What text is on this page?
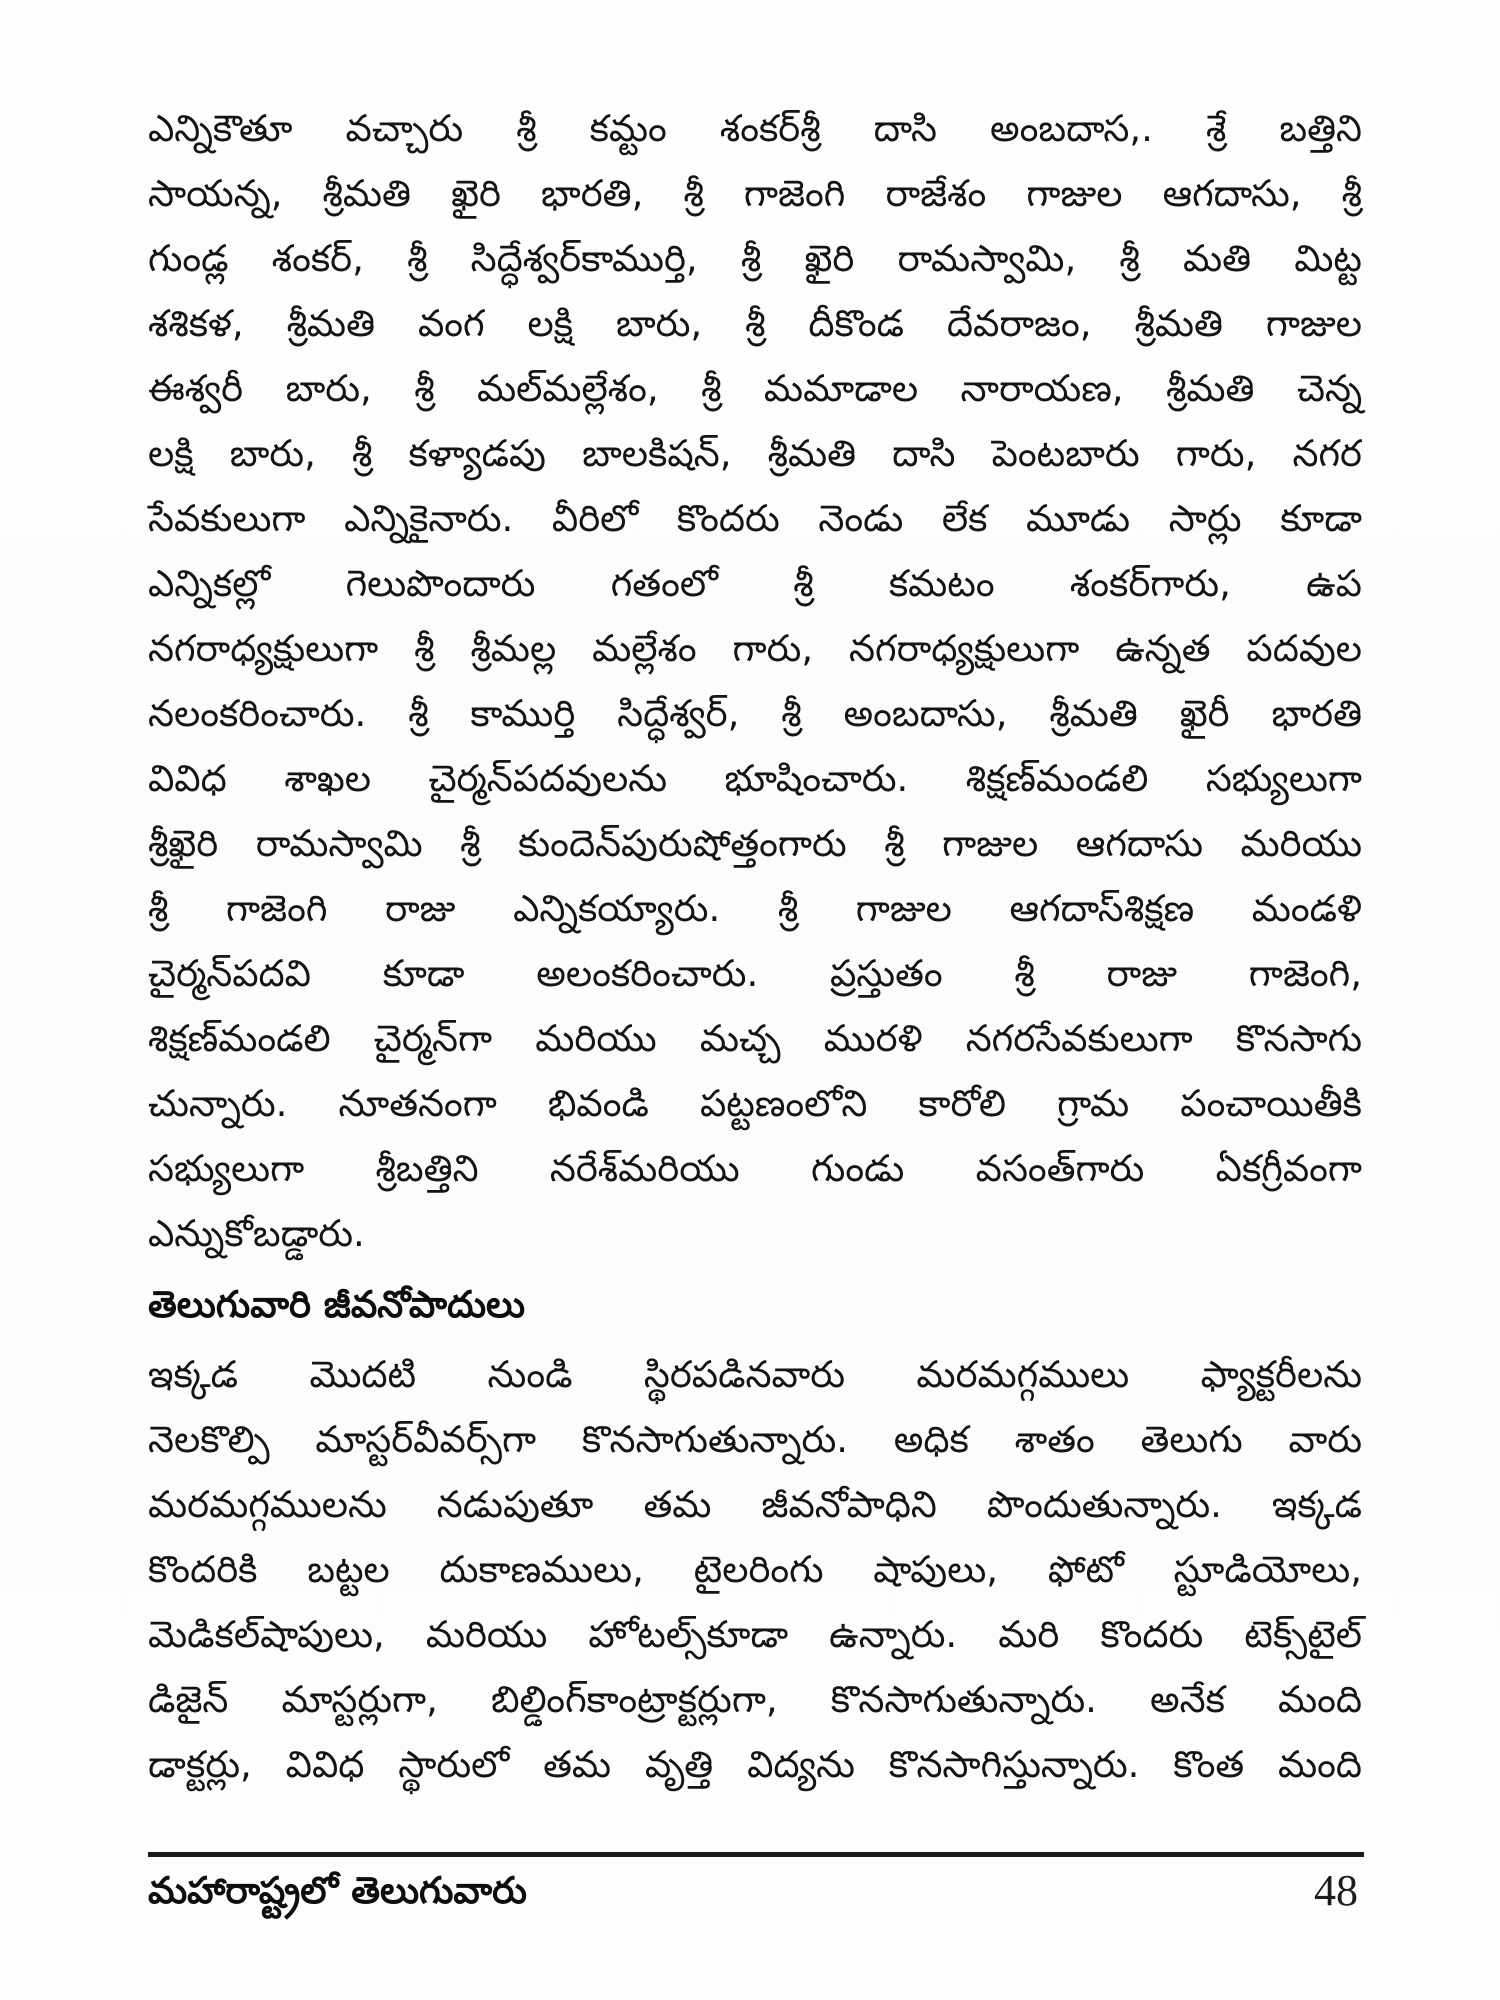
ఎన్నికౌతూ వచ్చారు శ్రీ కమ్టం శంకర్‌శ్రీ దాసి అంబదాస,. శ్రే బత్తిని
సాయన్న, శ్రీమతి ఖైరి భారతి, శ్రీ గాజెంగి రాజేశం గాజుల ఆగదాసు, శ్రీ
గుండ్ల శంకర్, శ్రీ సిద్ధేశ్వర్‌కాముర్తి, శ్రీ ఖైరి రామస్వామి, శ్రీ మతి మిట్ట
శశికళ, శ్రీమతి వంగ లక్షి బారు, శ్రీ దీకొండ దేవరాజం, శ్రీమతి గాజుల
ఈశ్వరీ బారు, శ్రీ మల్‌మల్లేశం, శ్రీ మమాడాల నారాయణ, శ్రీమతి చెన్న
లక్షి బారు, శ్రీ కళ్యాడపు బాలకిషన్, శ్రీమతి దాసి పెంటబారు గారు, నగర
సేవకులుగా ఎన్నికైనారు. వీరిలో కొందరు నెండు లేక మూడు సార్లు కూడా
ఎన్నికల్లో గెలుపొందారు గతంలో శ్రీ కమటం శంకర్‌గారు, ఉప
నగరాధ్యక్షులుగా శ్రీ శ్రీమల్ల మల్లేశం గారు, నగరాధ్యక్షులుగా ఉన్నత పదవుల
నలంకరించారు. శ్రీ కాముర్తి సిద్ధేశ్వర్, శ్రీ అంబదాసు, శ్రీమతి ఖైరీ భారతి
వివిధ శాఖల చైర్మన్‌పదవులను భూషించారు. శిక్షణ్‌మండలి సభ్యులుగా
శ్రీఖైరి రామస్వామి శ్రీ కుందెన్‌పురుషోత్తంగారు శ్రీ గాజుల ఆగదాసు మరియు
శ్రీ గాజెంగి రాజు ఎన్నికయ్యారు. శ్రీ గాజుల ఆగదాస్‌శిక్షణ మండళి
చైర్మన్‌పదవి కూడా అలంకరించారు. ప్రస్తుతం శ్రీ రాజు గాజెంగి,
శిక్షణ్‌మండలి చైర్మన్‌గా మరియు మచ్చ మురళి నగరసేవకులుగా కొనసాగు
చున్నారు. నూతనంగా భివండి పట్టణంలోని కారోలి గ్రామ పంచాయితీకి
సభ్యులుగా శ్రీబత్తిని నరేశ్‌మరియు గుండు వసంత్‌గారు ఏకగ్రీవంగా
ఎన్నుకోబడ్డారు.
తెలుగువారి జీవనోపాదులు
ఇక్కడ మొదటి నుండి స్థిరపడినవారు మరమగ్గములు ఫ్యాక్టరీలను
నెలకొల్పి మాస్టర్‌వీవర్స్‌గా కొనసాగుతున్నారు. అధిక శాతం తెలుగు వారు
మరమగ్గములను నడుపుతూ తమ జీవనోపాధిని పొందుతున్నారు. ఇక్కడ
కొందరికి బట్టల దుకాణములు, టైలరింగు షాపులు, ఫోటో స్టూడియోలు,
మెడికల్‌షాపులు, మరియు హోటల్స్‌కూడా ఉన్నారు. మరి కొందరు టెక్స్‌టైల్
డిజైన్ మాస్టర్లుగా, బిల్డింగ్‌కాంట్రాక్టర్లుగా, కొనసాగుతున్నారు. అనేక మంది
డాక్టర్లు, వివిధ స్థారులో తమ వృత్తి విద్యను కొనసాగిస్తున్నారు. కొంత మంది
మహారాష్ట్రలో తెలుగువారు	48
